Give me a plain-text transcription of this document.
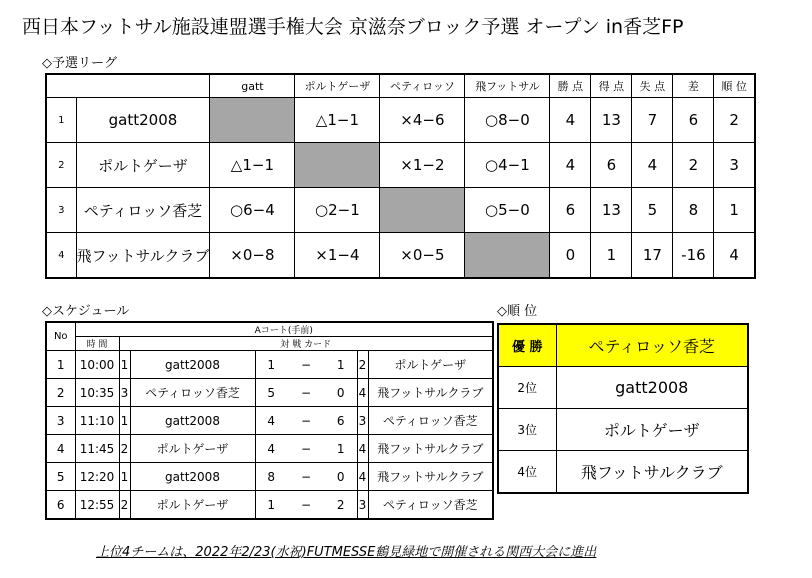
西日本フットサル施設連盟選手権大会 京滋奈ブロック予選 オープン in香芝FP
◇予選リーグ
		gatt	ポルトゲーザ	ペティロッソ	飛フットサル	勝 点	得 点	失 点	差	順 位
1	gatt2008		△1−1	×4−6	○8−0	4	13	7	6	2
2	ポルトゲーザ	△1−1		×1−2	○4−1	4	6	4	2	3
3	ペティロッソ香芝	○6−4	○2−1		○5−0	6	13	5	8	1
4	飛フットサルクラブ	×0−8	×1−4	×0−5		0	1	17	-16	4
◇スケジュール	◇順 位
No	Aコート(手前)							
	時 間	対 戦 カード						
1	10:00	1	gatt2008	1	−	1	2	ポルトゲーザ
2	10:35	3	ペティロッソ香芝	5	−	0	4	飛フットサルクラブ
3	11:10	1	gatt2008	4	−	6	3	ペティロッソ香芝
4	11:45	2	ポルトゲーザ	4	−	1	4	飛フットサルクラブ
5	12:20	1	gatt2008	8	−	0	4	飛フットサルクラブ
6	12:55	2	ポルトゲーザ	1	−	2	3	ペティロッソ香芝
優 勝	ペティロッソ香芝
2位	gatt2008
3位	ポルトゲーザ
4位	飛フットサルクラブ
上位4チームは、2022年2/23(水祝)FUTMESSE鶴見緑地で開催される関西大会に進出
